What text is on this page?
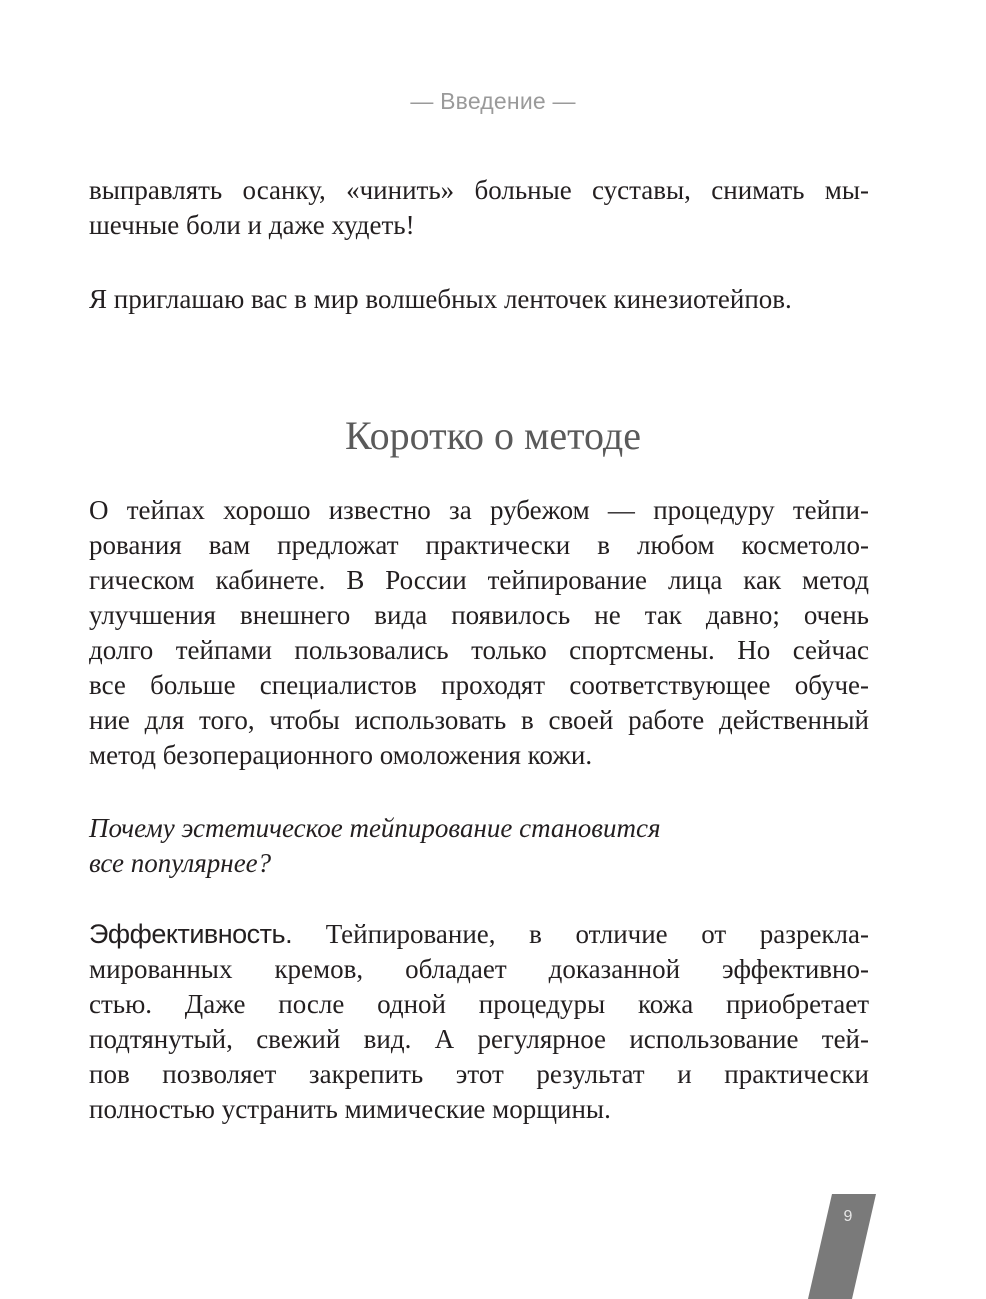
— Введение —
выправлять осанку, «чинить» больные суставы, снимать мы-
шечные боли и даже худеть!
Я приглашаю вас в мир волшебных ленточек кинезиотейпов.
Коротко о методе
О тейпах хорошо известно за рубежом — процедуру тейпи-
рования вам предложат практически в любом косметоло-
гическом кабинете. В России тейпирование лица как метод
улучшения внешнего вида появилось не так давно; очень
долго тейпами пользовались только спортсмены. Но сейчас
все больше специалистов проходят соответствующее обуче-
ние для того, чтобы использовать в своей работе действенный
метод безоперационного омоложения кожи.
Почему эстетическое тейпирование становится
все популярнее?
Эффективность. Тейпирование, в отличие от разрекла-
мированных кремов, обладает доказанной эффективно-
стью. Даже после одной процедуры кожа приобретает
подтянутый, свежий вид. А регулярное использование тей-
пов позволяет закрепить этот результат и практически
полностью устранить мимические морщины.
9
